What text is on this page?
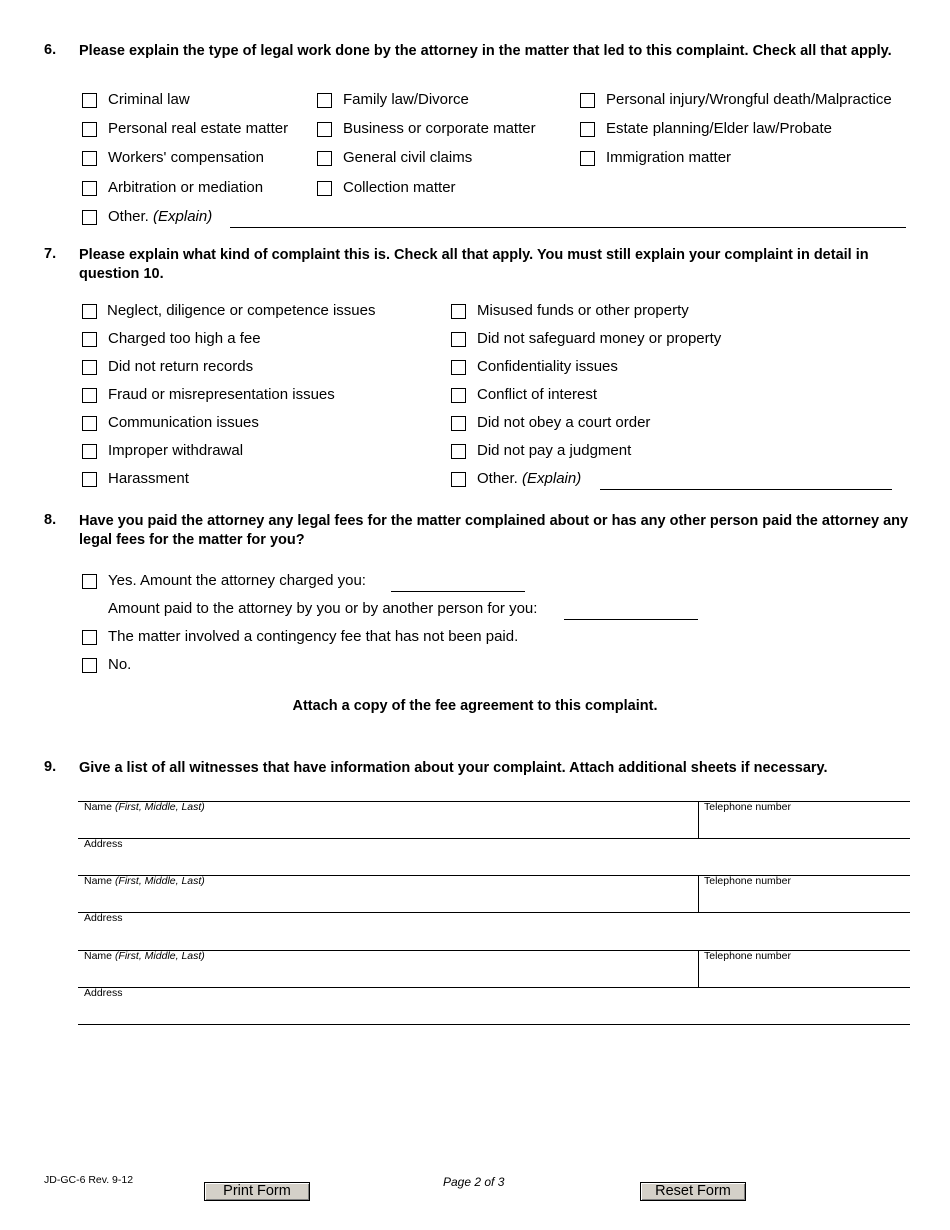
6. Please explain the type of legal work done by the attorney in the matter that led to this complaint. Check all that apply.
Criminal law	Family law/Divorce	Personal injury/Wrongful death/Malpractice
Personal real estate matter	Business or corporate matter	Estate planning/Elder law/Probate
Workers' compensation	General civil claims	Immigration matter
Arbitration or mediation	Collection matter
Other. (Explain)
7. Please explain what kind of complaint this is. Check all that apply. You must still explain your complaint in detail in question 10.
Neglect, diligence or competence issues
Charged too high a fee
Did not return records
Fraud or misrepresentation issues
Communication issues
Improper withdrawal
Harassment
Misused funds or other property
Did not safeguard money or property
Confidentiality issues
Conflict of interest
Did not obey a court order
Did not pay a judgment
Other. (Explain)
8. Have you paid the attorney any legal fees for the matter complained about or has any other person paid the attorney any legal fees for the matter for you?
Yes. Amount the attorney charged you:
Amount paid to the attorney by you or by another person for you:
The matter involved a contingency fee that has not been paid.
No.
Attach a copy of the fee agreement to this complaint.
9. Give a list of all witnesses that have information about your complaint. Attach additional sheets if necessary.
Name (First, Middle, Last)	Telephone number
Address
Name (First, Middle, Last)	Telephone number
Address
Name (First, Middle, Last)	Telephone number
Address
JD-GC-6 Rev. 9-12
Print Form
Page 2 of 3
Reset Form
